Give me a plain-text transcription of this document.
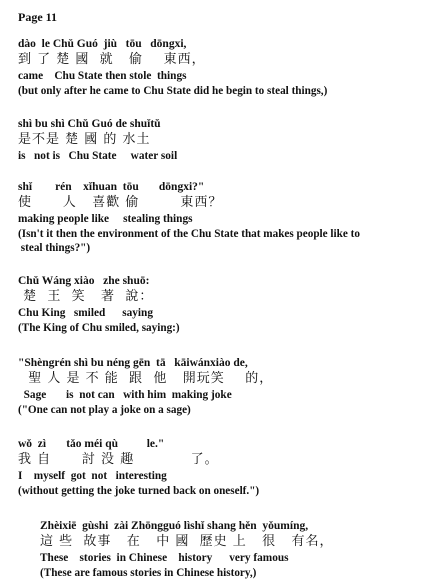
Page 11
dào  le Chǔ Guó  jiù   tōu   dōngxi,
到 了 楚 國  就   偷    東西，
came    Chu State then stole  things
(but only after he came to Chu State did he begin to steal things,)
shì bu shì Chǔ Guó de shuǐtǔ
是不是 楚 國 的 水土
is   not is   Chu State     water soil
shǐ        rén    xǐhuan  tōu       dōngxi?"
使      人   喜歡 偷        東西？
making people like     stealing things
(Isn't it then the environment of the Chu State that makes people like to
steal things?")
Chǔ Wáng xiào   zhe shuō:
楚  王  笑   著  說：
Chu King   smiled      saying
(The King of Chu smiled, saying:)
"Shèngrén shì bu néng gēn  tā   kāiwánxiào de,
聖 人 是 不 能  跟  他   開玩笑    的，
Sage       is  not can   with him  making joke
("One can not play a joke on a sage)
wǒ  zì       tǎo méi qù          le."
我 自      討 没 趣           了。
I    myself  got  not   interesting
(without getting the joke turned back on oneself.")
Zhèixiē  gùshi  zài Zhōngguó lìshǐ shang hěn  yǒumíng,
這 些  故事   在   中 國  歷史 上   很   有名，
These    stories  in Chinese    history      very famous
(These are famous stories in Chinese history,)
